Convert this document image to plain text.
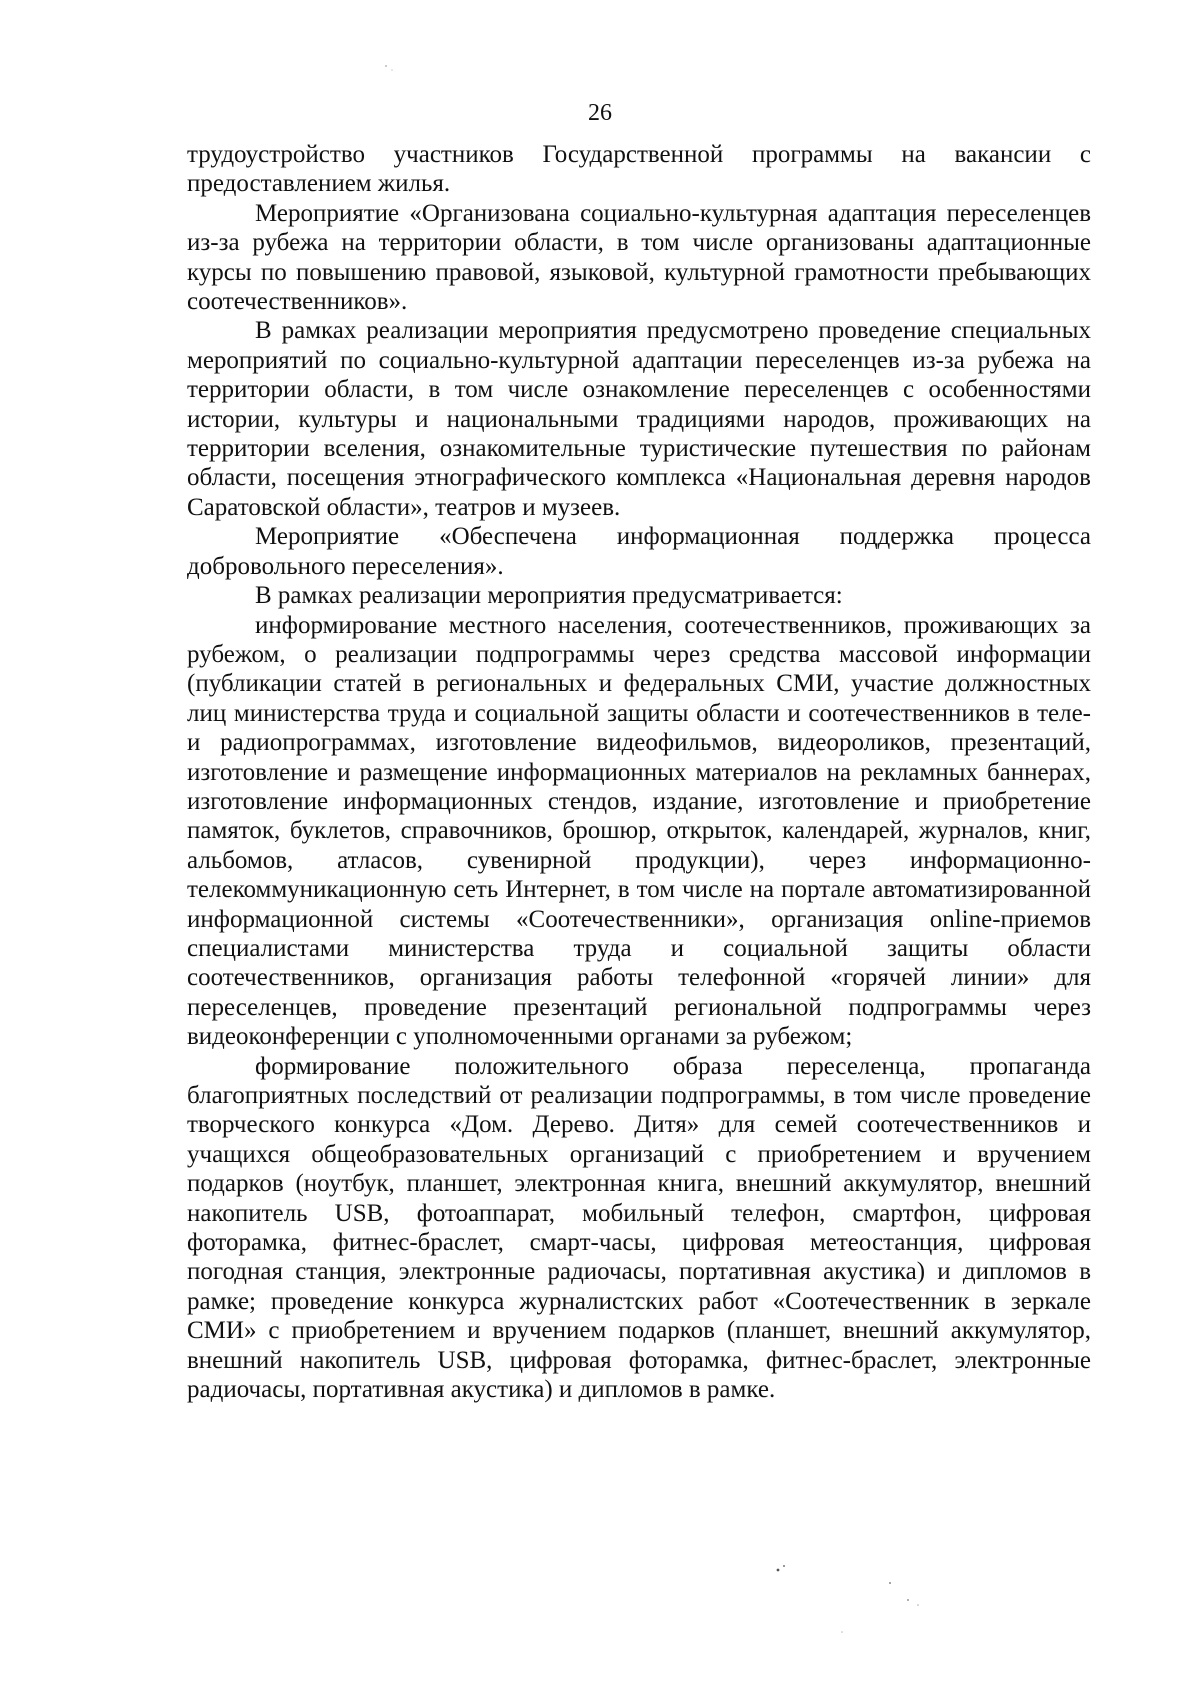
26

трудоустройство участников Государственной программы на вакансии с предоставлением жилья.

Мероприятие «Организована социально-культурная адаптация переселенцев из-за рубежа на территории области, в том числе организованы адаптационные курсы по повышению правовой, языковой, культурной грамотности пребывающих соотечественников».

В рамках реализации мероприятия предусмотрено проведение специальных мероприятий по социально-культурной адаптации переселенцев из-за рубежа на территории области, в том числе ознакомление переселенцев с особенностями истории, культуры и национальными традициями народов, проживающих на территории вселения, ознакомительные туристические путешествия по районам области, посещения этнографического комплекса «Национальная деревня народов Саратовской области», театров и музеев.

Мероприятие «Обеспечена информационная поддержка процесса добровольного переселения».

В рамках реализации мероприятия предусматривается:

информирование местного населения, соотечественников, проживающих за рубежом, о реализации подпрограммы через средства массовой информации (публикации статей в региональных и федеральных СМИ, участие должностных лиц министерства труда и социальной защиты области и соотечественников в теле- и радиопрограммах, изготовление видеофильмов, видеороликов, презентаций, изготовление и размещение информационных материалов на рекламных баннерах, изготовление информационных стендов, издание, изготовление и приобретение памяток, буклетов, справочников, брошюр, открыток, календарей, журналов, книг, альбомов, атласов, сувенирной продукции), через информационно-телекоммуникационную сеть Интернет, в том числе на портале автоматизированной информационной системы «Соотечественники», организация online-приемов специалистами министерства труда и социальной защиты области соотечественников, организация работы телефонной «горячей линии» для переселенцев, проведение презентаций региональной подпрограммы через видеоконференции с уполномоченными органами за рубежом;

формирование положительного образа переселенца, пропаганда благоприятных последствий от реализации подпрограммы, в том числе проведение творческого конкурса «Дом. Дерево. Дитя» для семей соотечественников и учащихся общеобразовательных организаций с приобретением и вручением подарков (ноутбук, планшет, электронная книга, внешний аккумулятор, внешний накопитель USB, фотоаппарат, мобильный телефон, смартфон, цифровая фоторамка, фитнес-браслет, смарт-часы, цифровая метеостанция, цифровая погодная станция, электронные радиочасы, портативная акустика) и дипломов в рамке; проведение конкурса журналистских работ «Соотечественник в зеркале СМИ» с приобретением и вручением подарков (планшет, внешний аккумулятор, внешний накопитель USB, цифровая фоторамка, фитнес-браслет, электронные радиочасы, портативная акустика) и дипломов в рамке.
